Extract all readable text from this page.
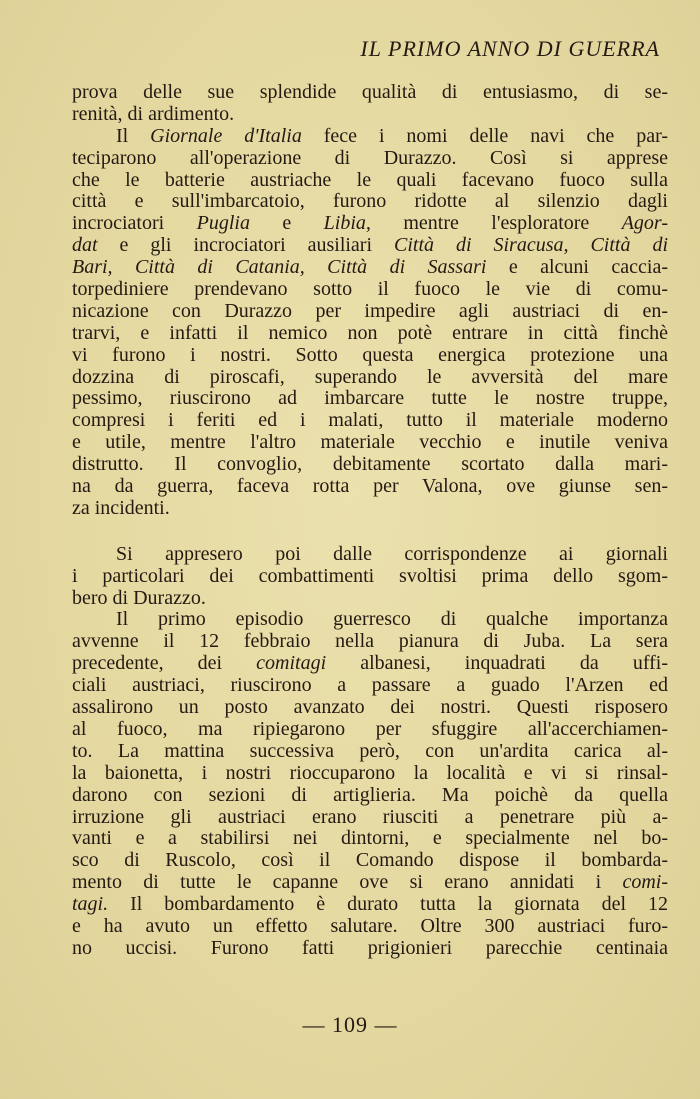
IL PRIMO ANNO DI GUERRA
prova delle sue splendide qualità di entusiasmo, di se-
renità, di ardimento.
Il Giornale d'Italia fece i nomi delle navi che par-
teciparono all'operazione di Durazzo. Così si apprese
che le batterie austriache le quali facevano fuoco sulla
città e sull'imbarcatoio, furono ridotte al silenzio dagli
incrociatori Puglia e Libia, mentre l'esploratore Agor-
dat e gli incrociatori ausiliari Città di Siracusa, Città di
Bari, Città di Catania, Città di Sassari e alcuni caccia-
torpediniere prendevano sotto il fuoco le vie di comu-
nicazione con Durazzo per impedire agli austriaci di en-
trarvi, e infatti il nemico non potè entrare in città finchè
vi furono i nostri. Sotto questa energica protezione una
dozzina di piroscafi, superando le avversità del mare
pessimo, riuscirono ad imbarcare tutte le nostre truppe,
compresi i feriti ed i malati, tutto il materiale moderno
e utile, mentre l'altro materiale vecchio e inutile veniva
distrutto. Il convoglio, debitamente scortato dalla mari-
na da guerra, faceva rotta per Valona, ove giunse sen-
za incidenti.
Si appresero poi dalle corrispondenze ai giornali
i particolari dei combattimenti svoltisi prima dello sgom-
bero di Durazzo.
Il primo episodio guerresco di qualche importanza
avvenne il 12 febbraio nella pianura di Juba. La sera
precedente, dei comitagi albanesi, inquadrati da uffi-
ciali austriaci, riuscirono a passare a guado l'Arzen ed
assalirono un posto avanzato dei nostri. Questi risposero
al fuoco, ma ripiegarono per sfuggire all'accerchiamen-
to. La mattina successiva però, con un'ardita carica al-
la baionetta, i nostri rioccuparono la località e vi si rinsal-
darono con sezioni di artiglieria. Ma poichè da quella
irruzione gli austriaci erano riusciti a penetrare più a-
vanti e a stabilirsi nei dintorni, e specialmente nel bo-
sco di Ruscolo, così il Comando dispose il bombarda-
mento di tutte le capanne ove si erano annidati i comi-
tagi. Il bombardamento è durato tutta la giornata del 12
e ha avuto un effetto salutare. Oltre 300 austriaci furo-
no uccisi. Furono fatti prigionieri parecchie centinaia
— 109 —
